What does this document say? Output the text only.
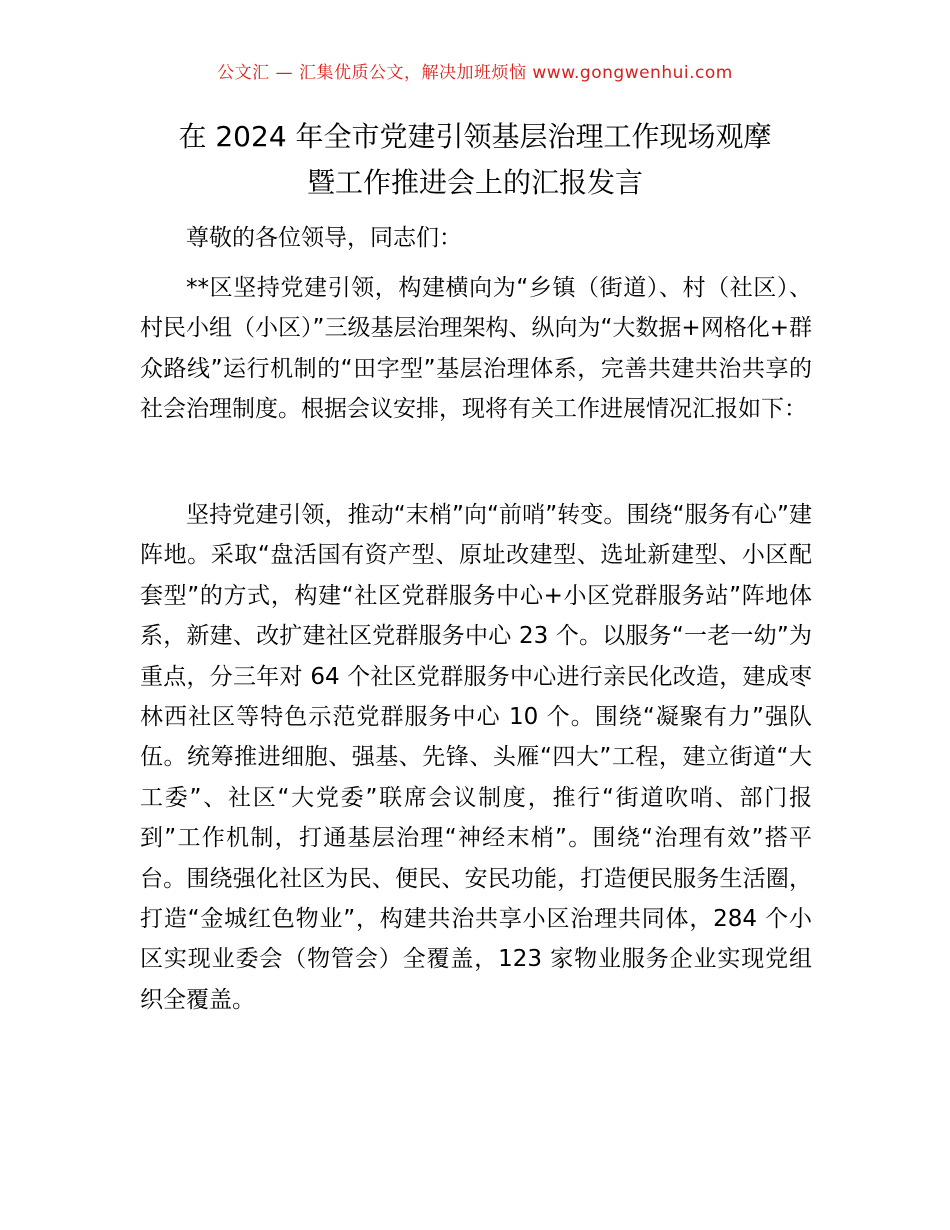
公文汇 — 汇集优质公文，解决加班烦恼 www.gongwenhui.com
在 2024 年全市党建引领基层治理工作现场观摩
暨工作推进会上的汇报发言
尊敬的各位领导，同志们：

**区坚持党建引领，构建横向为“乡镇（街道）、村（社区）、村民小组（小区）”三级基层治理架构、纵向为“大数据+网格化+群众路线”运行机制的“田字型”基层治理体系，完善共建共治共享的社会治理制度。根据会议安排，现将有关工作进展情况汇报如下：

坚持党建引领，推动“末梢”向“前哨”转变。围绕“服务有心”建阵地。采取“盘活国有资产型、原址改建型、选址新建型、小区配套型”的方式，构建“社区党群服务中心+小区党群服务站”阵地体系，新建、改扩建社区党群服务中心 23 个。以服务“一老一幼”为重点，分三年对 64 个社区党群服务中心进行亲民化改造，建成枣林西社区等特色示范党群服务中心 10 个。围绕“凝聚有力”强队伍。统筹推进细胞、强基、先锋、头雁“四大”工程，建立街道“大工委”、社区“大党委”联席会议制度，推行“街道吹哨、部门报到”工作机制，打通基层治理“神经末梢”。围绕“治理有效”搭平台。围绕强化社区为民、便民、安民功能，打造便民服务生活圈，打造“金城红色物业”，构建共治共享小区治理共同体，284 个小区实现业委会（物管会）全覆盖，123 家物业服务企业实现党组织全覆盖。
